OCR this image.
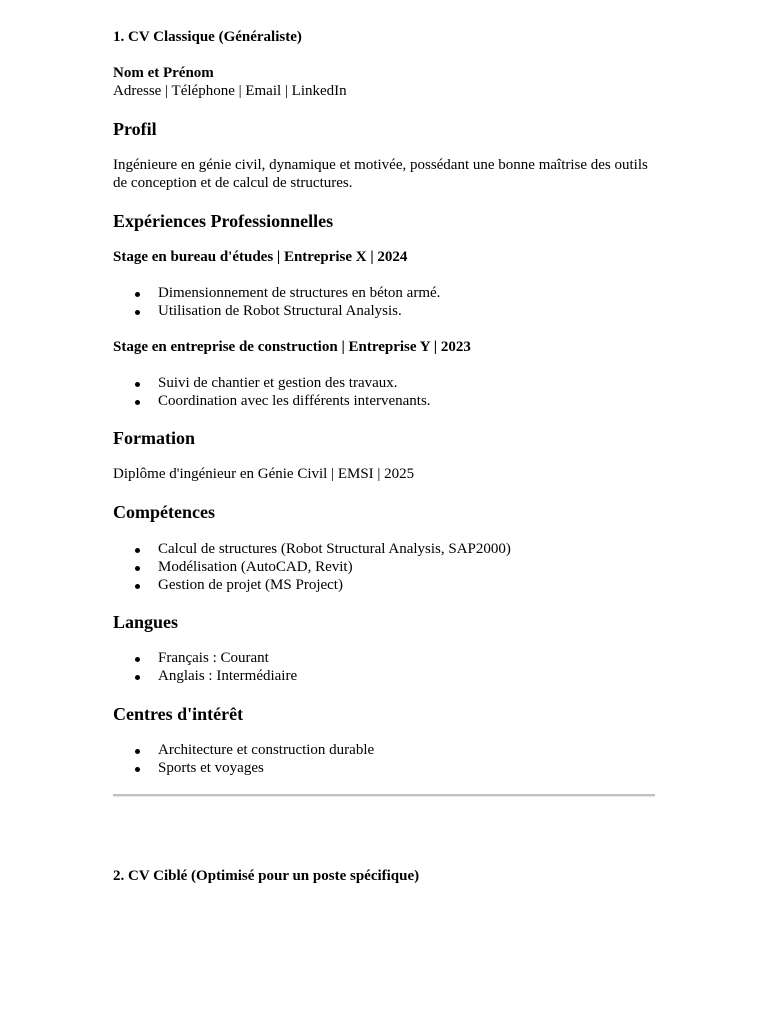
1. CV Classique (Généraliste)
Nom et Prénom
Adresse | Téléphone | Email | LinkedIn
Profil
Ingénieure en génie civil, dynamique et motivée, possédant une bonne maîtrise des outils de conception et de calcul de structures.
Expériences Professionnelles
Stage en bureau d'études | Entreprise X | 2024
Dimensionnement de structures en béton armé.
Utilisation de Robot Structural Analysis.
Stage en entreprise de construction | Entreprise Y | 2023
Suivi de chantier et gestion des travaux.
Coordination avec les différents intervenants.
Formation
Diplôme d'ingénieur en Génie Civil | EMSI | 2025
Compétences
Calcul de structures (Robot Structural Analysis, SAP2000)
Modélisation (AutoCAD, Revit)
Gestion de projet (MS Project)
Langues
Français : Courant
Anglais : Intermédiaire
Centres d'intérêt
Architecture et construction durable
Sports et voyages
2. CV Ciblé (Optimisé pour un poste spécifique)
